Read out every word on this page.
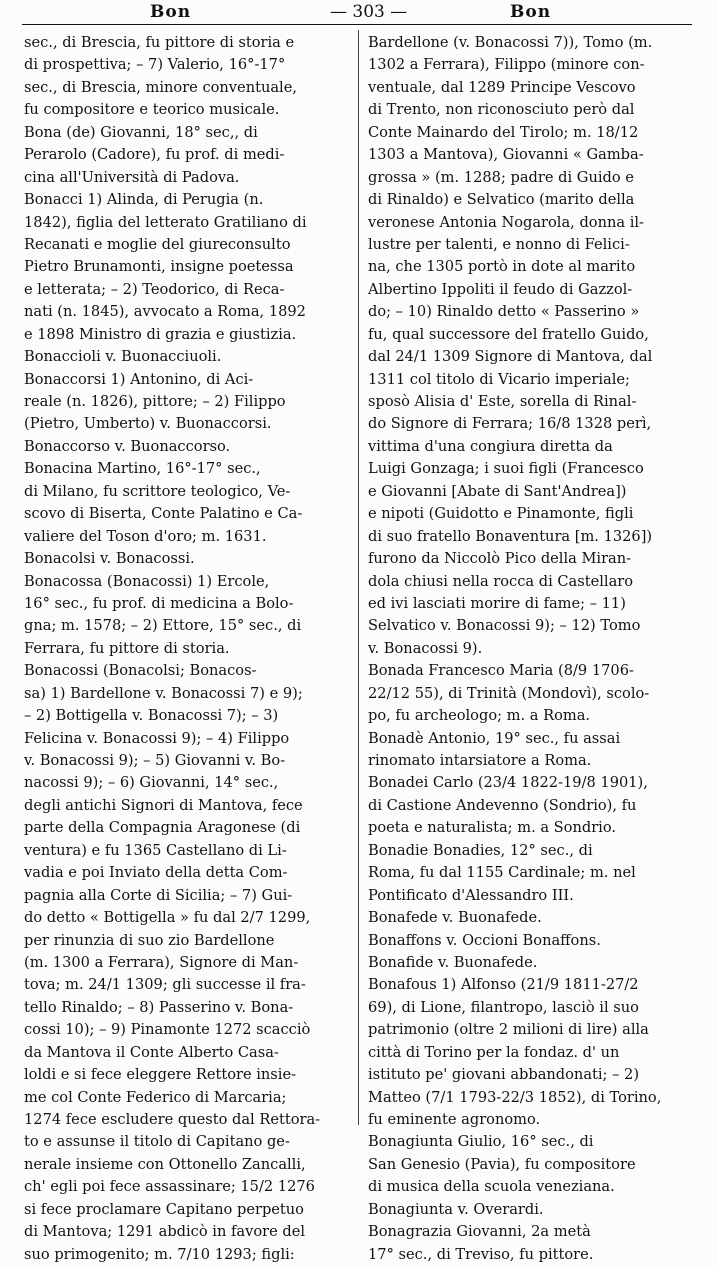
Bon	— 303 —	Bon
sec., di Brescia, fu pittore di storia e
di prospettiva; – 7) Valerio, 16°-17°
sec., di Brescia, minore conventuale,
fu compositore e teorico musicale.
Bona (de) Giovanni, 18° sec,, di
Perarolo (Cadore), fu prof. di medi-
cina all'Università di Padova.
Bonacci 1) Alinda, di Perugia (n.
1842), figlia del letterato Gratiliano di
Recanati e moglie del giureconsulto
Pietro Brunamonti, insigne poetessa
e letterata; – 2) Teodorico, di Reca-
nati (n. 1845), avvocato a Roma, 1892
e 1898 Ministro di grazia e giustizia.
Bonaccioli v. Buonacciuoli.
Bonaccorsi 1) Antonino, di Aci-
reale (n. 1826), pittore; – 2) Filippo
(Pietro, Umberto) v. Buonaccorsi.
Bonaccorso v. Buonaccorso.
Bonacina Martino, 16°-17° sec.,
di Milano, fu scrittore teologico, Ve-
scovo di Biserta, Conte Palatino e Ca-
valiere del Toson d'oro; m. 1631.
Bonacolsi v. Bonacossi.
Bonacossa (Bonacossi) 1) Ercole,
16° sec., fu prof. di medicina a Bolo-
gna; m. 1578; – 2) Ettore, 15° sec., di
Ferrara, fu pittore di storia.
Bonacossi (Bonacolsi; Bonacos-
sa) 1) Bardellone v. Bonacossi 7) e 9);
– 2) Bottigella v. Bonacossi 7); – 3)
Felicina v. Bonacossi 9); – 4) Filippo
v. Bonacossi 9); – 5) Giovanni v. Bo-
nacossi 9); – 6) Giovanni, 14° sec.,
degli antichi Signori di Mantova, fece
parte della Compagnia Aragonese (di
ventura) e fu 1365 Castellano di Li-
vadia e poi Inviato della detta Com-
pagnia alla Corte di Sicilia; – 7) Gui-
do detto « Bottigella » fu dal 2/7 1299,
per rinunzia di suo zio Bardellone
(m. 1300 a Ferrara), Signore di Man-
tova; m. 24/1 1309; gli successe il fra-
tello Rinaldo; – 8) Passerino v. Bona-
cossi 10); – 9) Pinamonte 1272 scacciò
da Mantova il Conte Alberto Casa-
loldi e si fece eleggere Rettore insie-
me col Conte Federico di Marcaria;
1274 fece escludere questo dal Rettora-
to e assunse il titolo di Capitano ge-
nerale insieme con Ottonello Zancalli,
ch' egli poi fece assassinare; 15/2 1276
si fece proclamare Capitano perpetuo
di Mantova; 1291 abdicò in favore del
suo primogenito; m. 7/10 1293; figli:
Bardellone (v. Bonacossi 7)), Tomo (m.
1302 a Ferrara), Filippo (minore con-
ventuale, dal 1289 Principe Vescovo
di Trento, non riconosciuto però dal
Conte Mainardo del Tirolo; m. 18/12
1303 a Mantova), Giovanni « Gamba-
grossa » (m. 1288; padre di Guido e
di Rinaldo) e Selvatico (marito della
veronese Antonia Nogarola, donna il-
lustre per talenti, e nonno di Felici-
na, che 1305 portò in dote al marito
Albertino Ippoliti il feudo di Gazzol-
do; – 10) Rinaldo detto « Passerino »
fu, qual successore del fratello Guido,
dal 24/1 1309 Signore di Mantova, dal
1311 col titolo di Vicario imperiale;
sposò Alisia d' Este, sorella di Rinal-
do Signore di Ferrara; 16/8 1328 perì,
vittima d'una congiura diretta da
Luigi Gonzaga; i suoi figli (Francesco
e Giovanni [Abate di Sant'Andrea])
e nipoti (Guidotto e Pinamonte, figli
di suo fratello Bonaventura [m. 1326])
furono da Niccolò Pico della Miran-
dola chiusi nella rocca di Castellaro
ed ivi lasciati morire di fame; – 11)
Selvatico v. Bonacossi 9); – 12) Tomo
v. Bonacossi 9).
Bonada Francesco Maria (8/9 1706-
22/12 55), di Trinità (Mondovì), scolo-
po, fu archeologo; m. a Roma.
Bonadè Antonio, 19° sec., fu assai
rinomato intarsiatore a Roma.
Bonadei Carlo (23/4 1822-19/8 1901),
di Castione Andevenno (Sondrio), fu
poeta e naturalista; m. a Sondrio.
Bonadie Bonadies, 12° sec., di
Roma, fu dal 1155 Cardinale; m. nel
Pontificato d'Alessandro III.
Bonafede v. Buonafede.
Bonaffons v. Occioni Bonaffons.
Bonafide v. Buonafede.
Bonafous 1) Alfonso (21/9 1811-27/2
69), di Lione, filantropo, lasciò il suo
patrimonio (oltre 2 milioni di lire) alla
città di Torino per la fondaz. d' un
istituto pe' giovani abbandonati; – 2)
Matteo (7/1 1793-22/3 1852), di Torino,
fu eminente agronomo.
Bonagiunta Giulio, 16° sec., di
San Genesio (Pavia), fu compositore
di musica della scuola veneziana.
Bonagiunta v. Overardi.
Bonagrazia Giovanni, 2a metà
17° sec., di Treviso, fu pittore.
